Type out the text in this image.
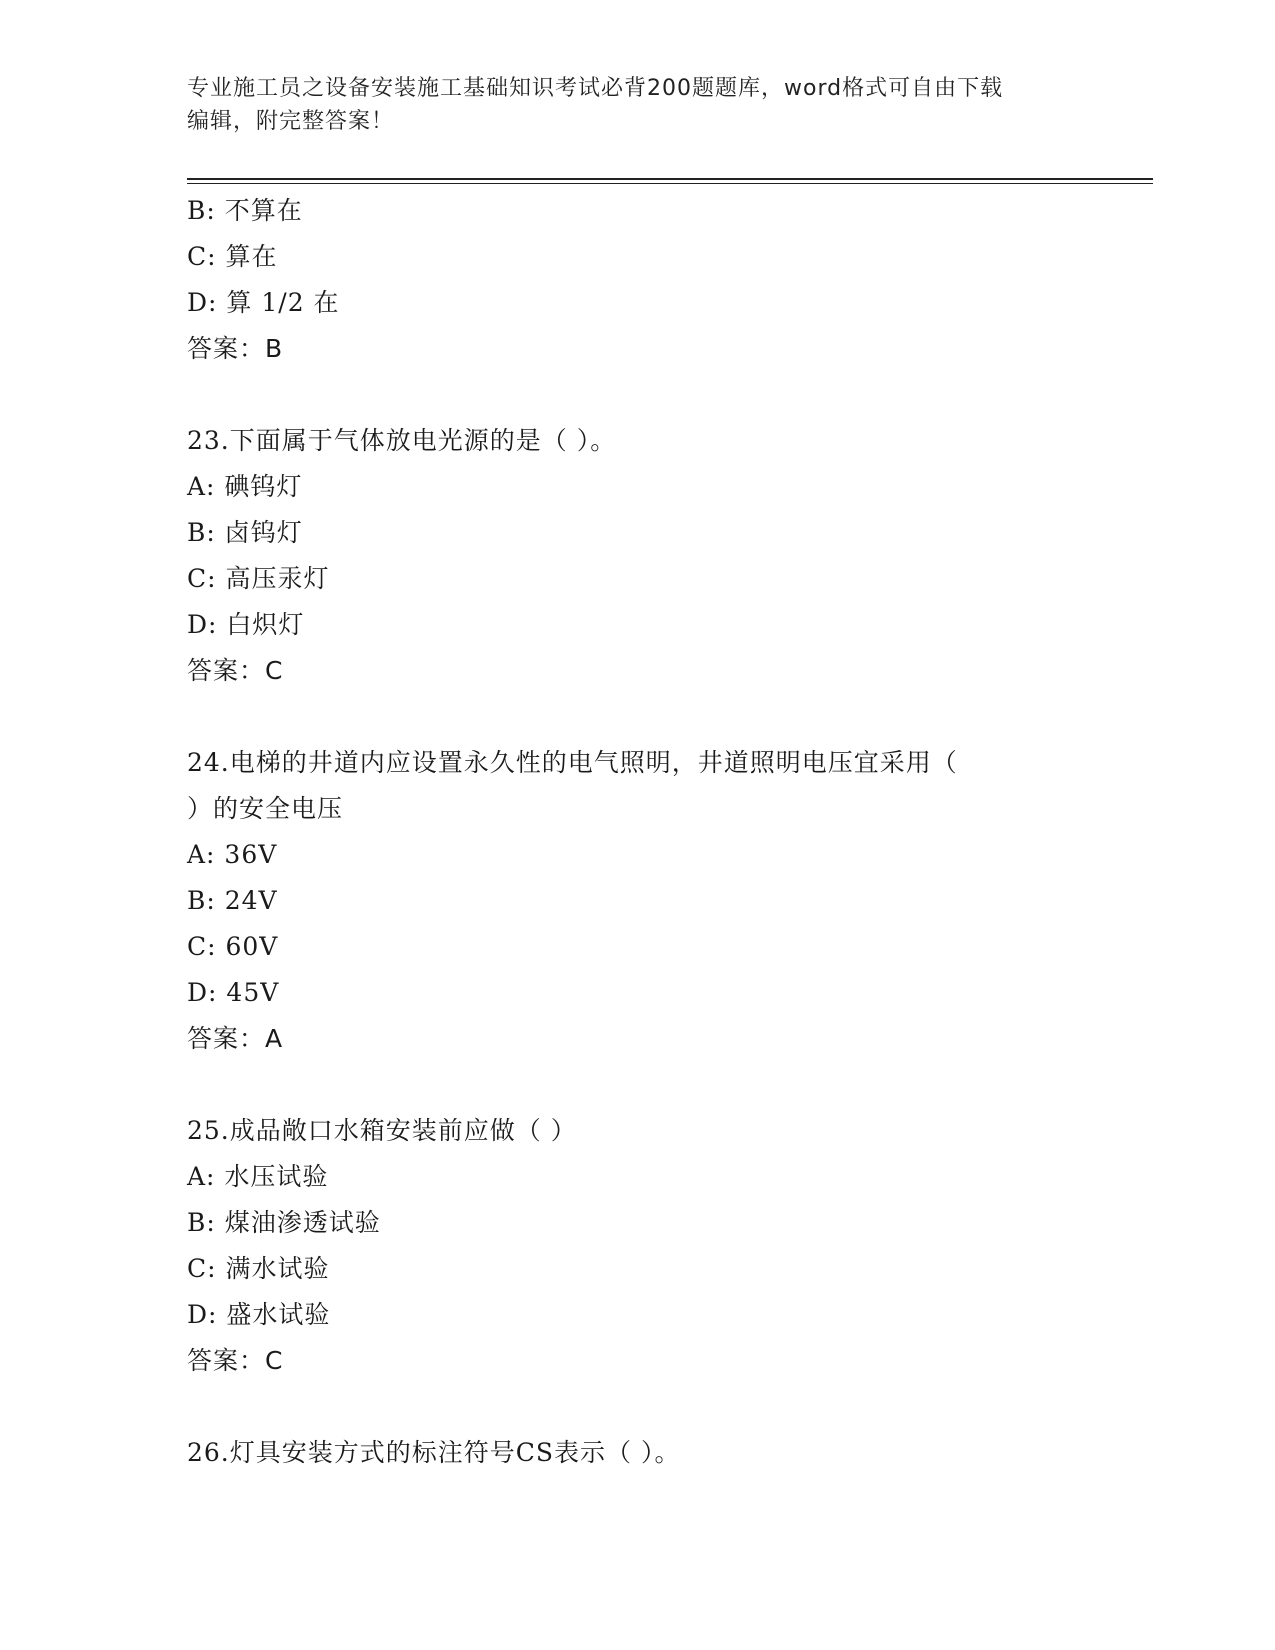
专业施工员之设备安装施工基础知识考试必背200题题库，word格式可自由下载
编辑，附完整答案！
B: 不算在
C: 算在
D: 算 1/2 在
答案：B
23.下面属于气体放电光源的是（ ）。
A: 碘钨灯
B: 卤钨灯
C: 高压汞灯
D: 白炽灯
答案：C
24.电梯的井道内应设置永久性的电气照明，井道照明电压宜采用（
）的安全电压
A: 36V
B: 24V
C: 60V
D: 45V
答案：A
25.成品敞口水箱安装前应做（ ）
A: 水压试验
B: 煤油渗透试验
C: 满水试验
D: 盛水试验
答案：C
26.灯具安装方式的标注符号CS表示（ ）。
